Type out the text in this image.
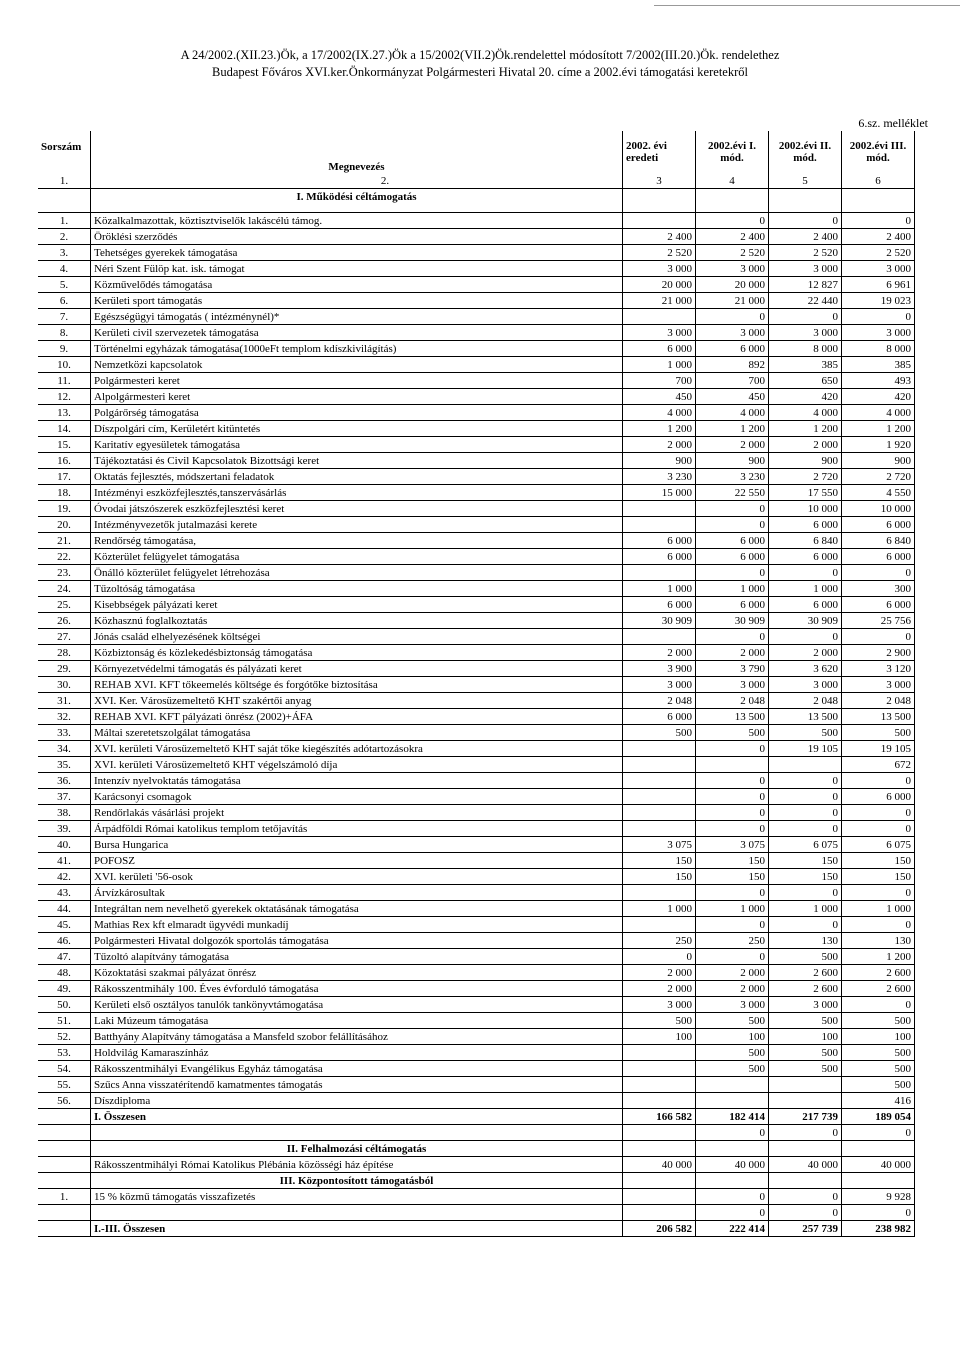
A 24/2002.(XII.23.)Ök, a 17/2002(IX.27.)Ök a 15/2002(VII.2)Ök.rendelettel módosított 7/2002(III.20.)Ök. rendelethez
Budapest Főváros XVI.ker.Önkormányzat Polgármesteri Hivatal 20. címe a 2002.évi támogatási keretekről
6.sz. melléklet
Sorszám	Megnevezés	2002. évi eredeti	2002.évi I. mód.	2002.évi II. mód.	2002.évi III. mód.
1.	2.	3	4	5	6
	I. Működési céltámogatás				

1.	Közalkalmazottak, köztisztviselők lakáscélú támog.		0	0	0
2.	Öröklési szerződés	2 400	2 400	2 400	2 400
3.	Tehetséges gyerekek támogatása	2 520	2 520	2 520	2 520
4.	Néri Szent Fülöp kat. isk. támogat	3 000	3 000	3 000	3 000
5.	Közművelődés támogatása	20 000	20 000	12 827	6 961
6.	Kerületi sport támogatás	21 000	21 000	22 440	19 023
7.	Egészségügyi támogatás ( intézménynél)*		0	0	0
8.	Kerületi civil szervezetek támogatása	3 000	3 000	3 000	3 000
9.	Történelmi egyházak támogatása(1000eFt templom kdíszkivilágítás)	6 000	6 000	8 000	8 000
10.	Nemzetközi kapcsolatok	1 000	892	385	385
11.	Polgármesteri keret	700	700	650	493
12.	Alpolgármesteri keret	450	450	420	420
13.	Polgárőrség támogatása	4 000	4 000	4 000	4 000
14.	Díszpolgári cím, Kerületért kitüntetés	1 200	1 200	1 200	1 200
15.	Karitatív egyesületek támogatása	2 000	2 000	2 000	1 920
16.	Tájékoztatási és Civil Kapcsolatok Bizottsági keret	900	900	900	900
17.	Oktatás fejlesztés, módszertani feladatok	3 230	3 230	2 720	2 720
18.	Intézményi eszközfejlesztés,tanszervásárlás	15 000	22 550	17 550	4 550
19.	Óvodai játszószerek eszközfejlesztési keret		0	10 000	10 000
20.	Intézményvezetők jutalmazási kerete		0	6 000	6 000
21.	Rendőrség támogatása,	6 000	6 000	6 840	6 840
22.	Közterület felügyelet támogatása	6 000	6 000	6 000	6 000
23.	Önálló közterület felügyelet létrehozása		0	0	0
24.	Tűzoltóság támogatása	1 000	1 000	1 000	300
25.	Kisebbségek pályázati keret	6 000	6 000	6 000	6 000
26.	Közhasznú foglalkoztatás	30 909	30 909	30 909	25 756
27.	Jónás család elhelyezésének költségei		0	0	0
28.	Közbiztonság és közlekedésbiztonság támogatása	2 000	2 000	2 000	2 900
29.	Környezetvédelmi támogatás és pályázati keret	3 900	3 790	3 620	3 120
30.	REHAB XVI. KFT tőkeemelés költsége és forgótőke biztosítása	3 000	3 000	3 000	3 000
31.	XVI. Ker. Városüzemeltető KHT szakértői anyag	2 048	2 048	2 048	2 048
32.	REHAB XVI. KFT pályázati önrész (2002)+ÁFA	6 000	13 500	13 500	13 500
33.	Máltai szeretetszolgálat támogatása	500	500	500	500
34.	XVI. kerületi Városüzemeltető KHT saját tőke kiegészítés adótartozásokra		0	19 105	19 105
35.	XVI. kerületi Városüzemeltető KHT végelszámoló díja				672
36.	Intenzív nyelvoktatás támogatása		0	0	0
37.	Karácsonyi csomagok		0	0	6 000
38.	Rendőrlakás vásárlási projekt		0	0	0
39.	Árpádföldi Római katolikus templom tetőjavítás		0	0	0
40.	Bursa Hungarica	3 075	3 075	6 075	6 075
41.	POFOSZ	150	150	150	150
42.	XVI. kerületi '56-osok	150	150	150	150
43.	Árvízkárosultak		0	0	0
44.	Integráltan nem nevelhető gyerekek oktatásának támogatása	1 000	1 000	1 000	1 000
45.	Mathias Rex kft elmaradt ügyvédi munkadíj		0	0	0
46.	Polgármesteri Hivatal dolgozók sportolás támogatása	250	250	130	130
47.	Tűzoltó alapítvány támogatása	0	0	500	1 200
48.	Közoktatási szakmai pályázat önrész	2 000	2 000	2 600	2 600
49.	Rákosszentmihály 100. Éves évforduló támogatása	2 000	2 000	2 600	2 600
50.	Kerületi első osztályos tanulók tankönyvtámogatása	3 000	3 000	3 000	0
51.	Laki Múzeum támogatása	500	500	500	500
52.	Batthyány Alapítvány támogatása a Mansfeld szobor felállításához	100	100	100	100
53.	Holdvilág Kamaraszínház		500	500	500
54.	Rákosszentmihályi Evangélikus Egyház támogatása		500	500	500
55.	Szűcs Anna visszatérítendő kamatmentes támogatás				500
56.	Díszdiploma				416
	I. Összesen	166 582	182 414	217 739	189 054
			0	0	0
	II. Felhalmozási céltámogatás				
	Rákosszentmihályi Római Katolikus Plébánia közösségi ház építése	40 000	40 000	40 000	40 000
	III. Központosított támogatásból				
1.	15 % közmű támogatás visszafizetés		0	0	9 928
			0	0	0
	I.-III. Összesen	206 582	222 414	257 739	238 982
